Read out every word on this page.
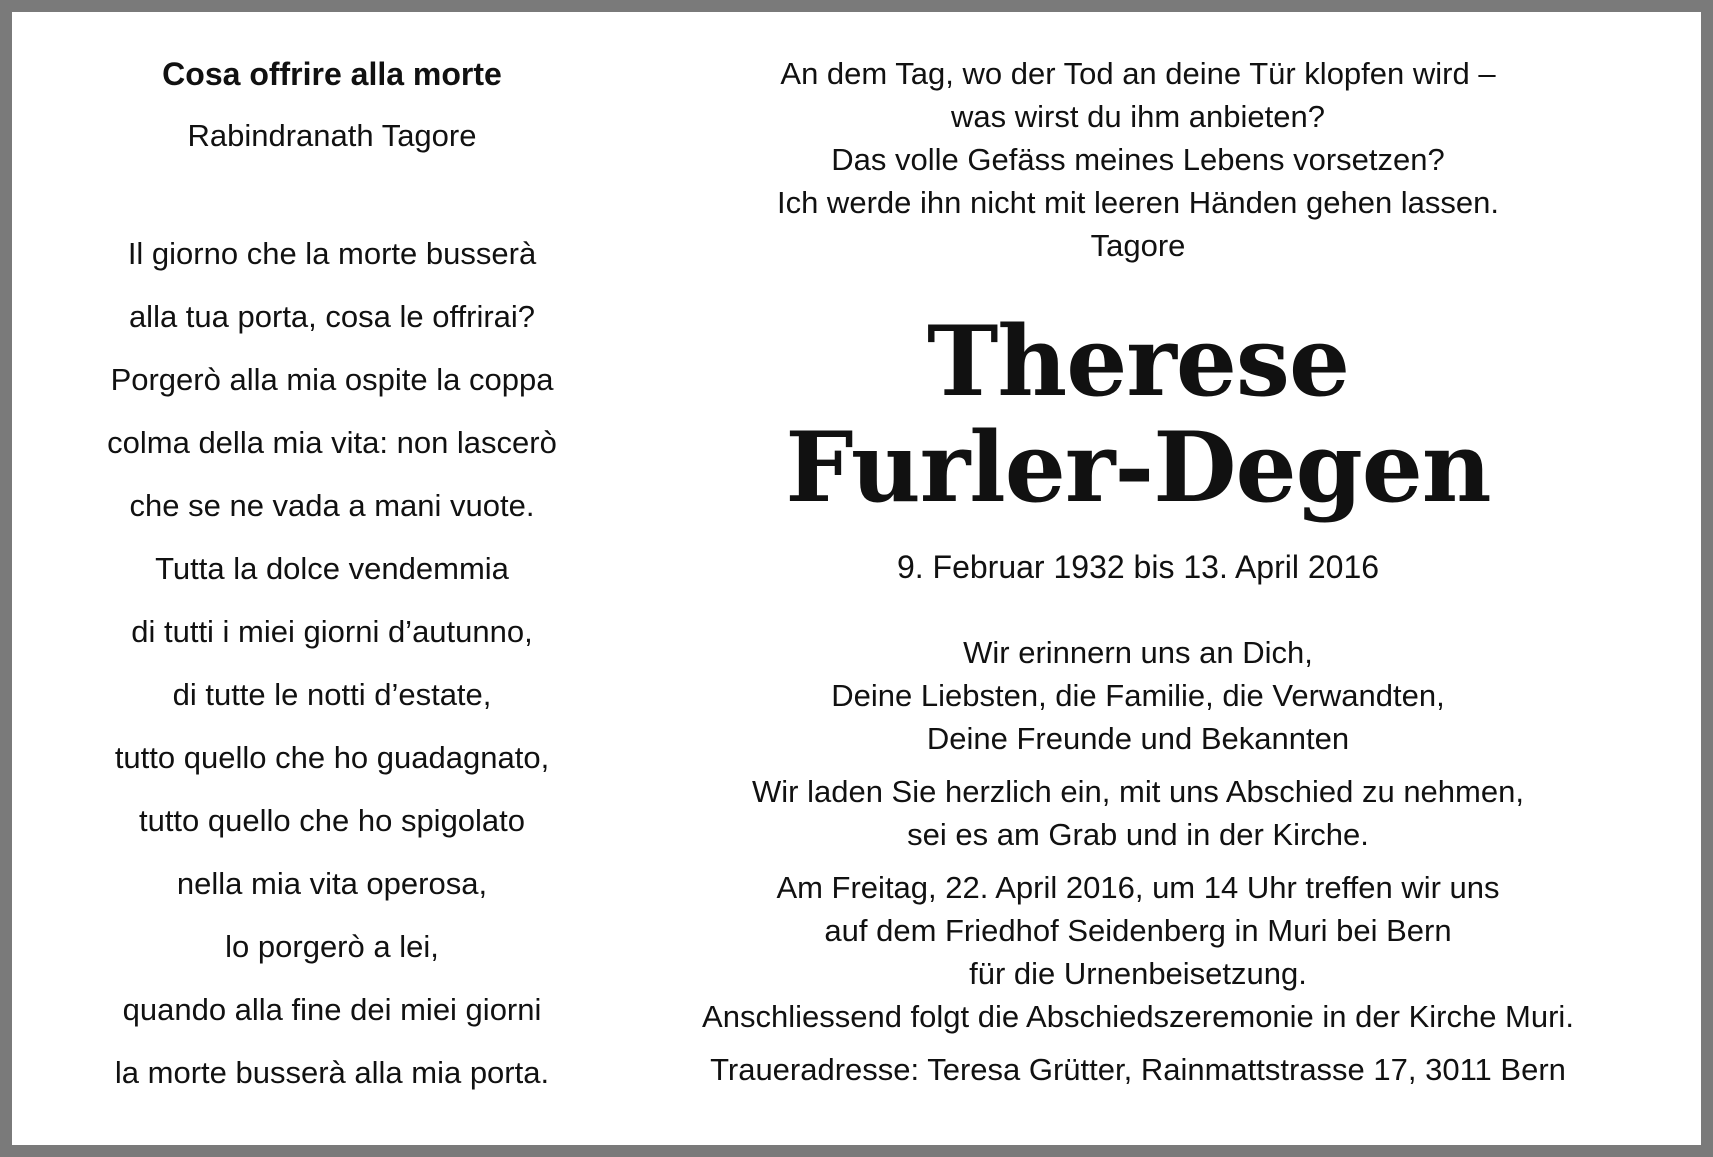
Cosa offrire alla morte

Rabindranath Tagore

Il giorno che la morte busserà
alla tua porta, cosa le offrirai?
Porgerò alla mia ospite la coppa
colma della mia vita: non lascerò
che se ne vada a mani vuote.
Tutta la dolce vendemmia
di tutti i miei giorni d’autunno,
di tutte le notti d’estate,
tutto quello che ho guadagnato,
tutto quello che ho spigolato
nella mia vita operosa,
lo porgerò a lei,
quando alla fine dei miei giorni
la morte busserà alla mia porta.
An dem Tag, wo der Tod an deine Tür klopfen wird –
was wirst du ihm anbieten?
Das volle Gefäss meines Lebens vorsetzen?
Ich werde ihn nicht mit leeren Händen gehen lassen.

Tagore

Therese
Furler-Degen

9. Februar 1932 bis 13. April 2016

Wir erinnern uns an Dich,
Deine Liebsten, die Familie, die Verwandten,
Deine Freunde und Bekannten
Wir laden Sie herzlich ein, mit uns Abschied zu nehmen,
sei es am Grab und in der Kirche.
Am Freitag, 22. April 2016, um 14 Uhr treffen wir uns
auf dem Friedhof Seidenberg in Muri bei Bern
für die Urnenbeisetzung.
Anschliessend folgt die Abschiedszeremonie in der Kirche Muri.

Traueradresse: Teresa Grütter, Rainmattstrasse 17, 3011 Bern
